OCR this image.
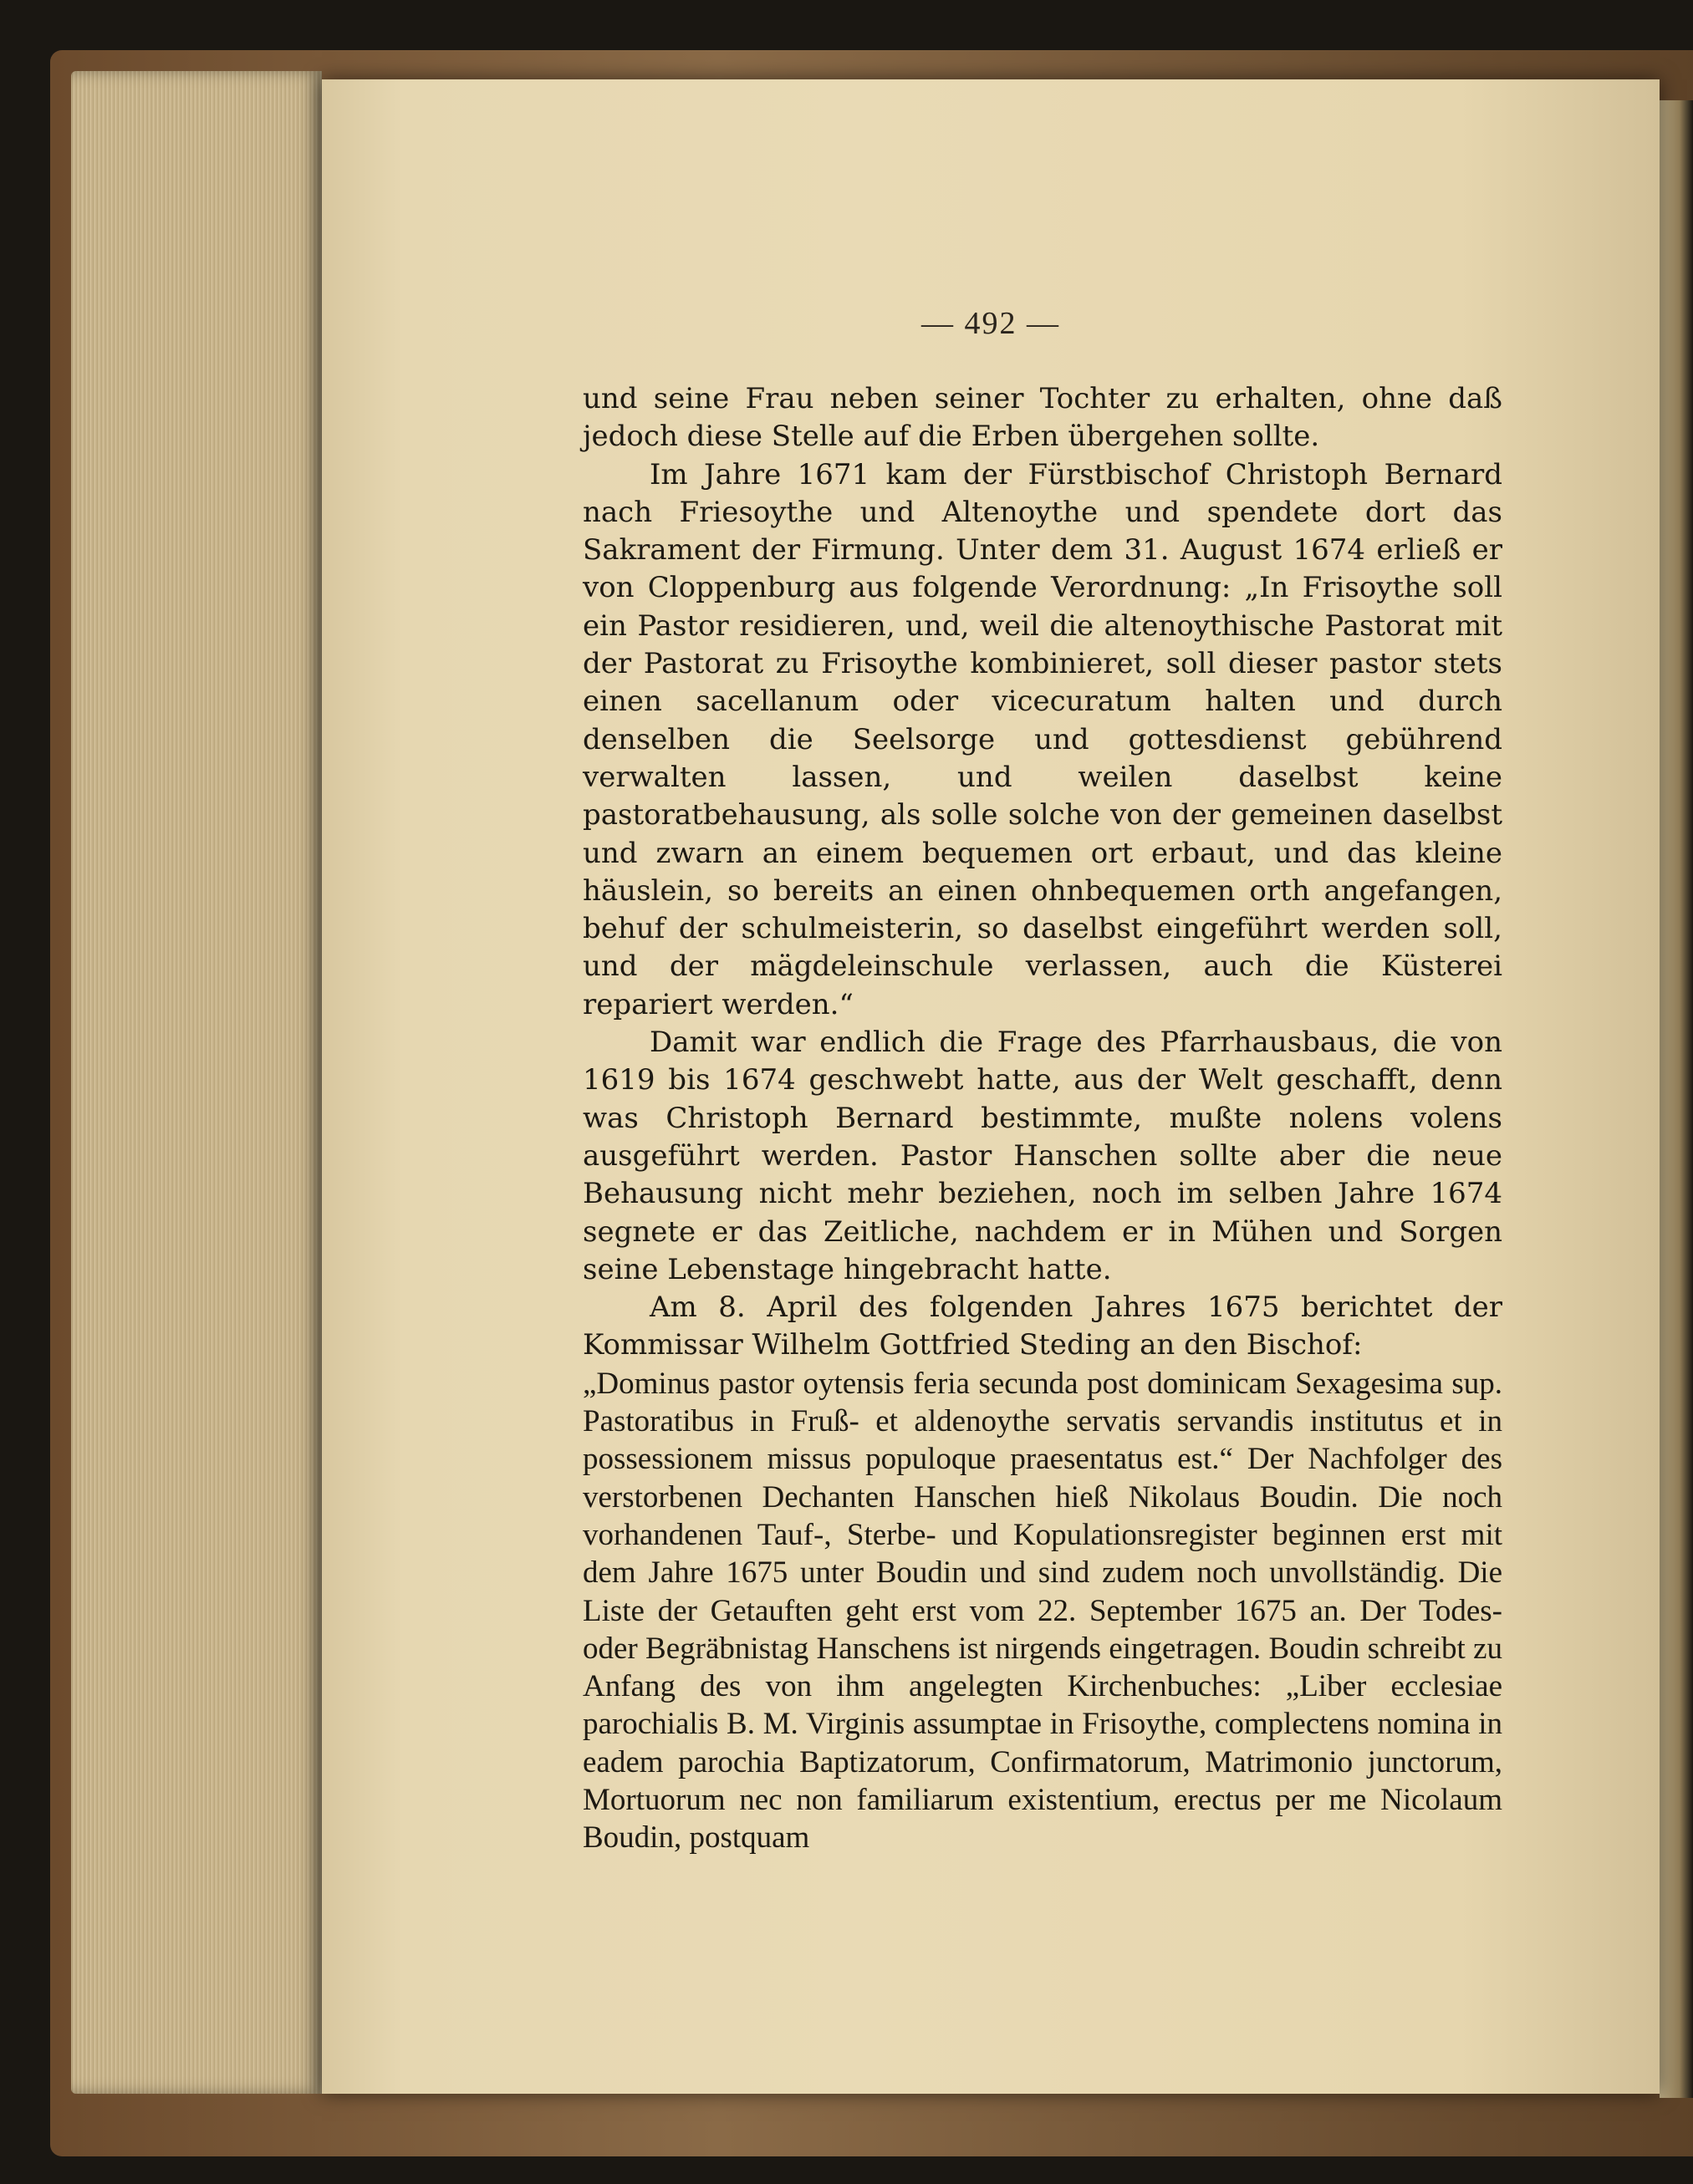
— 492 —

und seine Frau neben seiner Tochter zu erhalten, ohne daß jedoch diese Stelle auf die Erben übergehen sollte.

Im Jahre 1671 kam der Fürstbischof Christoph Bernard nach Friesoythe und Altenoythe und spendete dort das Sakrament der Firmung. Unter dem 31. August 1674 erließ er von Cloppenburg aus folgende Verordnung: „In Frisoythe soll ein Pastor residieren, und, weil die altenoythische Pastorat mit der Pastorat zu Frisoythe kombinieret, soll dieser pastor stets einen sacellanum oder vicecuratum halten und durch denselben die Seelsorge und gottesdienst gebührend verwalten lassen, und weilen daselbst keine pastoratbehausung, als solle solche von der gemeinen daselbst und zwarn an einem bequemen ort erbaut, und das kleine häuslein, so bereits an einen ohnbequemen orth angefangen, behuf der schulmeisterin, so daselbst eingeführt werden soll, und der mägdeleinschule verlassen, auch die Küsterei repariert werden.“

Damit war endlich die Frage des Pfarrhausbaus, die von 1619 bis 1674 geschwebt hatte, aus der Welt geschafft, denn was Christoph Bernard bestimmte, mußte nolens volens ausgeführt werden. Pastor Hanschen sollte aber die neue Behausung nicht mehr beziehen, noch im selben Jahre 1674 segnete er das Zeitliche, nachdem er in Mühen und Sorgen seine Lebenstage hingebracht hatte.

Am 8. April des folgenden Jahres 1675 berichtet der Kommissar Wilhelm Gottfried Steding an den Bischof:

„Dominus pastor oytensis feria secunda post dominicam Sexagesima sup. Pastoratibus in Fruß- et aldenoythe servatis servandis institutus et in possessionem missus populoque praesentatus est.“ Der Nachfolger des verstorbenen Dechanten Hanschen hieß Nikolaus Boudin. Die noch vorhandenen Tauf-, Sterbe- und Kopulationsregister beginnen erst mit dem Jahre 1675 unter Boudin und sind zudem noch unvollständig. Die Liste der Getauften geht erst vom 22. September 1675 an. Der Todes- oder Begräbnistag Hanschens ist nirgends eingetragen. Boudin schreibt zu Anfang des von ihm angelegten Kirchenbuches: „Liber ecclesiae parochialis B. M. Virginis assumptae in Frisoythe, complectens nomina in eadem parochia Baptizatorum, Confirmatorum, Matrimonio junctorum, Mortuorum nec non familiarum existentium, erectus per me Nicolaum Boudin, postquam
